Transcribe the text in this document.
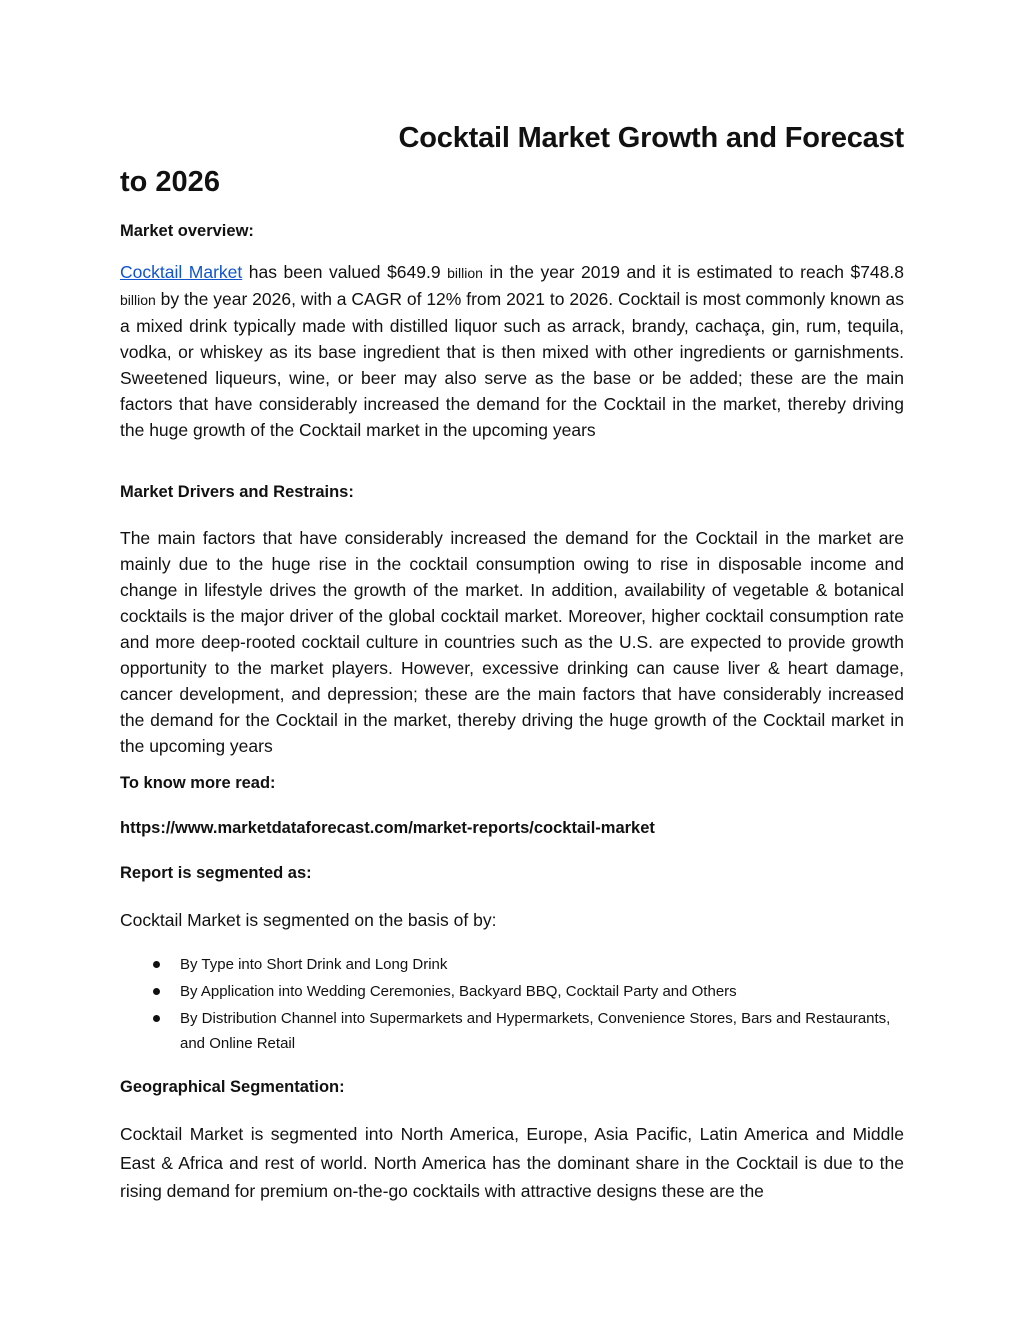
Cocktail Market Growth and Forecast
to 2026
Market overview:
Cocktail Market has been valued $649.9 billion in the year 2019 and it is estimated to reach $748.8 billion by the year 2026, with a CAGR of 12% from 2021 to 2026. Cocktail is most commonly known as a mixed drink typically made with distilled liquor such as arrack, brandy, cachaça, gin, rum, tequila, vodka, or whiskey as its base ingredient that is then mixed with other ingredients or garnishments. Sweetened liqueurs, wine, or beer may also serve as the base or be added; these are the main factors that have considerably increased the demand for the Cocktail in the market, thereby driving the huge growth of the Cocktail market in the upcoming years
Market Drivers and Restrains:
The main factors that have considerably increased the demand for the Cocktail in the market are mainly due to the huge rise in the cocktail consumption owing to rise in disposable income and change in lifestyle drives the growth of the market. In addition, availability of vegetable & botanical cocktails is the major driver of the global cocktail market. Moreover, higher cocktail consumption rate and more deep-rooted cocktail culture in countries such as the U.S. are expected to provide growth opportunity to the market players. However, excessive drinking can cause liver & heart damage, cancer development, and depression; these are the main factors that have considerably increased the demand for the Cocktail in the market, thereby driving the huge growth of the Cocktail market in the upcoming years
To know more read:
https://www.marketdataforecast.com/market-reports/cocktail-market
Report is segmented as:
Cocktail Market is segmented on the basis of by:
By Type into Short Drink and Long Drink
By Application into Wedding Ceremonies, Backyard BBQ, Cocktail Party and Others
By Distribution Channel into Supermarkets and Hypermarkets, Convenience Stores, Bars and Restaurants, and Online Retail
Geographical Segmentation:
Cocktail Market is segmented into North America, Europe, Asia Pacific, Latin America and Middle East & Africa and rest of world. North America has the dominant share in the Cocktail is due to the rising demand for premium on-the-go cocktails with attractive designs these are the
